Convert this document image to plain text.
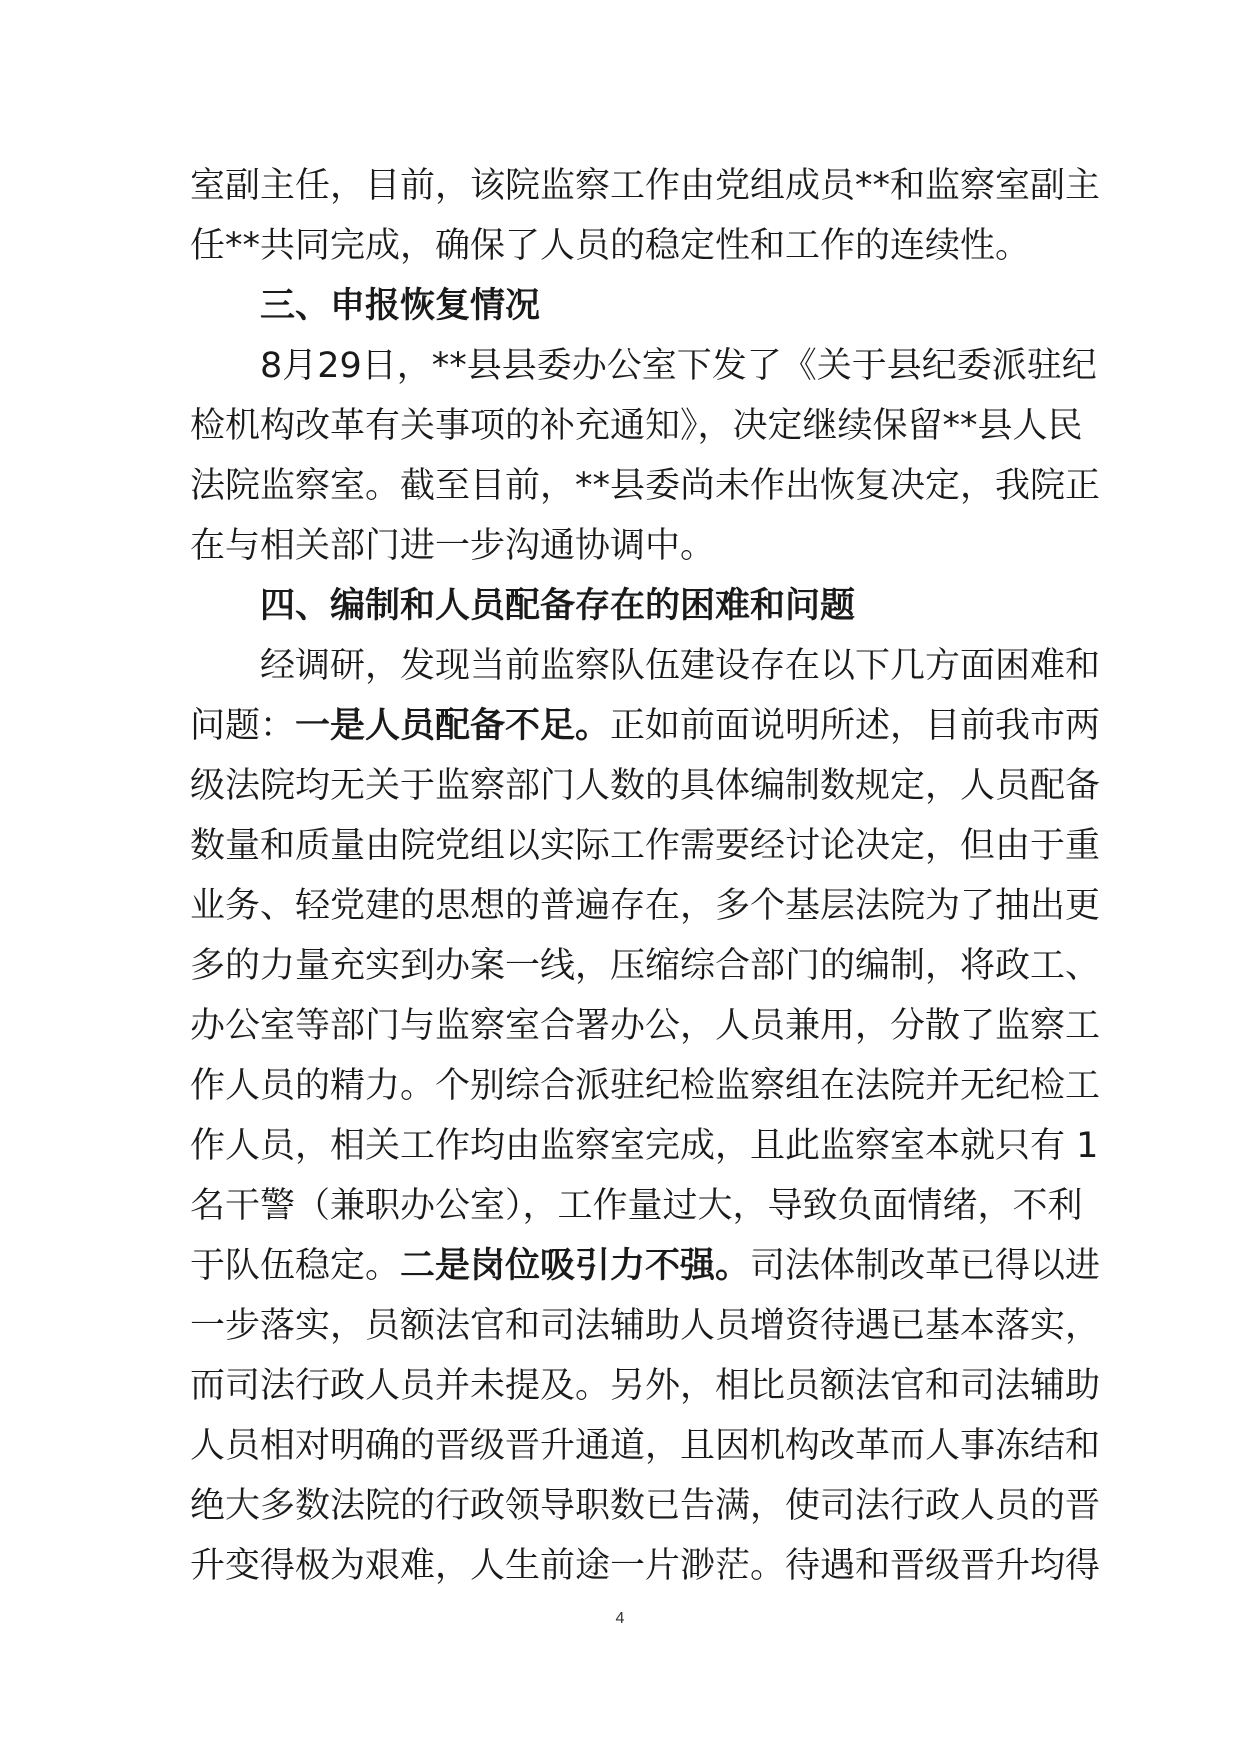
室副主任，目前，该院监察工作由党组成员**和监察室副主
任**共同完成，确保了人员的稳定性和工作的连续性。
三、申报恢复情况
8月29日，**县县委办公室下发了《关于县纪委派驻纪
检机构改革有关事项的补充通知》，决定继续保留**县人民
法院监察室。截至目前，**县委尚未作出恢复决定，我院正
在与相关部门进一步沟通协调中。
四、编制和人员配备存在的困难和问题
经调研，发现当前监察队伍建设存在以下几方面困难和
问题：一是人员配备不足。正如前面说明所述，目前我市两
级法院均无关于监察部门人数的具体编制数规定，人员配备
数量和质量由院党组以实际工作需要经讨论决定，但由于重
业务、轻党建的思想的普遍存在，多个基层法院为了抽出更
多的力量充实到办案一线，压缩综合部门的编制，将政工、
办公室等部门与监察室合署办公，人员兼用，分散了监察工
作人员的精力。个别综合派驻纪检监察组在法院并无纪检工
作人员，相关工作均由监察室完成，且此监察室本就只有 1
名干警（兼职办公室），工作量过大，导致负面情绪，不利
于队伍稳定。二是岗位吸引力不强。司法体制改革已得以进
一步落实，员额法官和司法辅助人员增资待遇已基本落实，
而司法行政人员并未提及。另外，相比员额法官和司法辅助
人员相对明确的晋级晋升通道，且因机构改革而人事冻结和
绝大多数法院的行政领导职数已告满，使司法行政人员的晋
升变得极为艰难，人生前途一片渺茫。待遇和晋级晋升均得
4
